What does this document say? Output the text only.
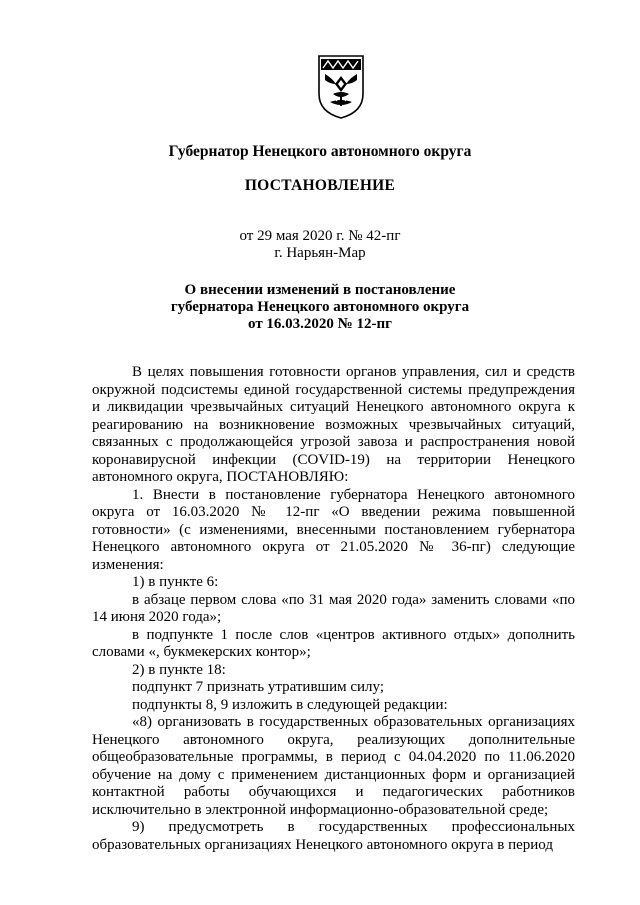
Губернатор Ненецкого автономного округа
ПОСТАНОВЛЕНИЕ
от 29 мая 2020 г. № 42-пг
г. Нарьян-Мар
О внесении изменений в постановление
губернатора Ненецкого автономного округа
от 16.03.2020 № 12-пг

В целях повышения готовности органов управления, сил и средств окружной подсистемы единой государственной системы предупреждения и ликвидации чрезвычайных ситуаций Ненецкого автономного округа к реагированию на возникновение возможных чрезвычайных ситуаций, связанных с продолжающейся угрозой завоза и распространения новой коронавирусной инфекции (COVID-19) на территории Ненецкого автономного округа, ПОСТАНОВЛЯЮ:

1. Внести в постановление губернатора Ненецкого автономного округа от 16.03.2020 № 12-пг «О введении режима повышенной готовности» (с изменениями, внесенными постановлением губернатора Ненецкого автономного округа от 21.05.2020 № 36-пг) следующие изменения:

1) в пункте 6:

в абзаце первом слова «по 31 мая 2020 года» заменить словами «по 14 июня 2020 года»;

в подпункте 1 после слов «центров активного отдых» дополнить словами «, букмекерских контор»;

2) в пункте 18:

подпункт 7 признать утратившим силу;

подпункты 8, 9 изложить в следующей редакции:

«8) организовать в государственных образовательных организациях Ненецкого автономного округа, реализующих дополнительные общеобразовательные программы, в период с 04.04.2020 по 11.06.2020 обучение на дому с применением дистанционных форм и организацией контактной работы обучающихся и педагогических работников исключительно в электронной информационно-образовательной среде;

9) предусмотреть в государственных профессиональных образовательных организациях Ненецкого автономного округа в период
